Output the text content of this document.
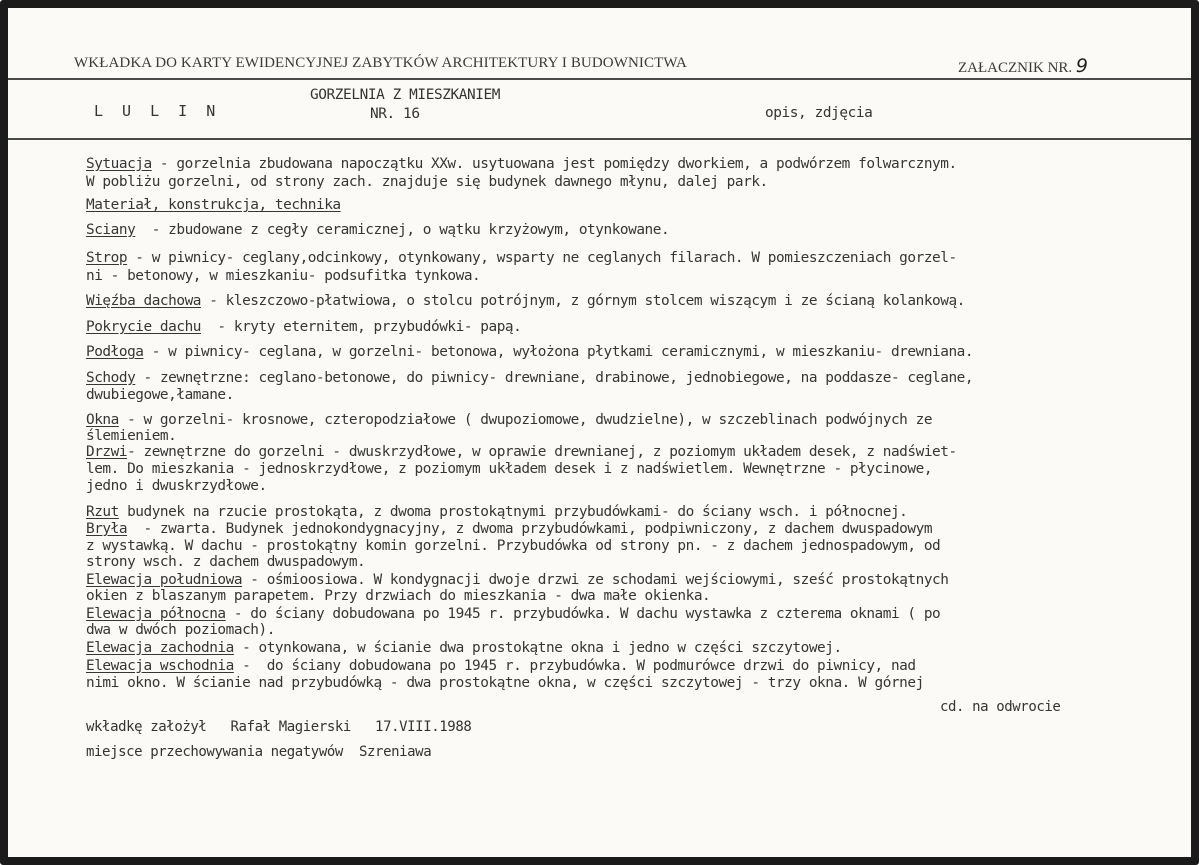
WKŁADKA DO KARTY EWIDENCYJNEJ ZABYTKÓW ARCHITEKTURY I BUDOWNICTWA	ZAŁACZNIK NR. 9
L U L I N
GORZELNIA Z MIESZKANIEM
NR. 16	opis, zdjęcia
Sytuacja - gorzelnia zbudowana napoczątku XXw. usytuowana jest pomiędzy dworkiem, a podwórzem folwarcznym.
W pobliżu gorzelni, od strony zach. znajduje się budynek dawnego młynu, dalej park.
Materiał, konstrukcja, technika
Sciany  - zbudowane z cegły ceramicznej, o wątku krzyżowym, otynkowane.
Strop - w piwnicy- ceglany,odcinkowy, otynkowany, wsparty ne ceglanych filarach. W pomieszczeniach gorzel-
ni - betonowy, w mieszkaniu- podsufitka tynkowa.
Więźba dachowa - kleszczowo-płatwiowa, o stolcu potrójnym, z górnym stolcem wiszącym i ze ścianą kolankową.
Pokrycie dachu  - kryty eternitem, przybudówki- papą.
Podłoga - w piwnicy- ceglana, w gorzelni- betonowa, wyłożona płytkami ceramicznymi, w mieszkaniu- drewniana.
Schody - zewnętrzne: ceglano-betonowe, do piwnicy- drewniane, drabinowe, jednobiegowe, na poddasze- ceglane,
dwubiegowe,łamane.
Okna - w gorzelni- krosnowe, czteropodziałowe ( dwupoziomowe, dwudzielne), w szczeblinach podwójnych ze
ślemieniem.
Drzwi- zewnętrzne do gorzelni - dwuskrzydłowe, w oprawie drewnianej, z poziomym układem desek, z nadświet-
lem. Do mieszkania - jednoskrzydłowe, z poziomym układem desek i z nadświetlem. Wewnętrzne - płycinowe,
jedno i dwuskrzydłowe.
Rzut budynek na rzucie prostokąta, z dwoma prostokątnymi przybudówkami- do ściany wsch. i północnej.
Bryła  - zwarta. Budynek jednokondygnacyjny, z dwoma przybudówkami, podpiwniczony, z dachem dwuspadowym
z wystawką. W dachu - prostokątny komin gorzelni. Przybudówka od strony pn. - z dachem jednospadowym, od
strony wsch. z dachem dwuspadowym.
Elewacja południowa - ośmioosiowa. W kondygnacji dwoje drzwi ze schodami wejściowymi, sześć prostokątnych
okien z blaszanym parapetem. Przy drzwiach do mieszkania - dwa małe okienka.
Elewacja północna - do ściany dobudowana po 1945 r. przybudówka. W dachu wystawka z czterema oknami ( po
dwa w dwóch poziomach).
Elewacja zachodnia - otynkowana, w ścianie dwa prostokątne okna i jedno w części szczytowej.
Elewacja wschodnia -  do ściany dobudowana po 1945 r. przybudówka. W podmurówce drzwi do piwnicy, nad
nimi okno. W ścianie nad przybudówką - dwa prostokątne okna, w części szczytowej - trzy okna. W górnej
cd. na odwrocie
wkładkę założył   Rafał Magierski   17.VIII.1988
miejsce przechowywania negatywów  Szreniawa
